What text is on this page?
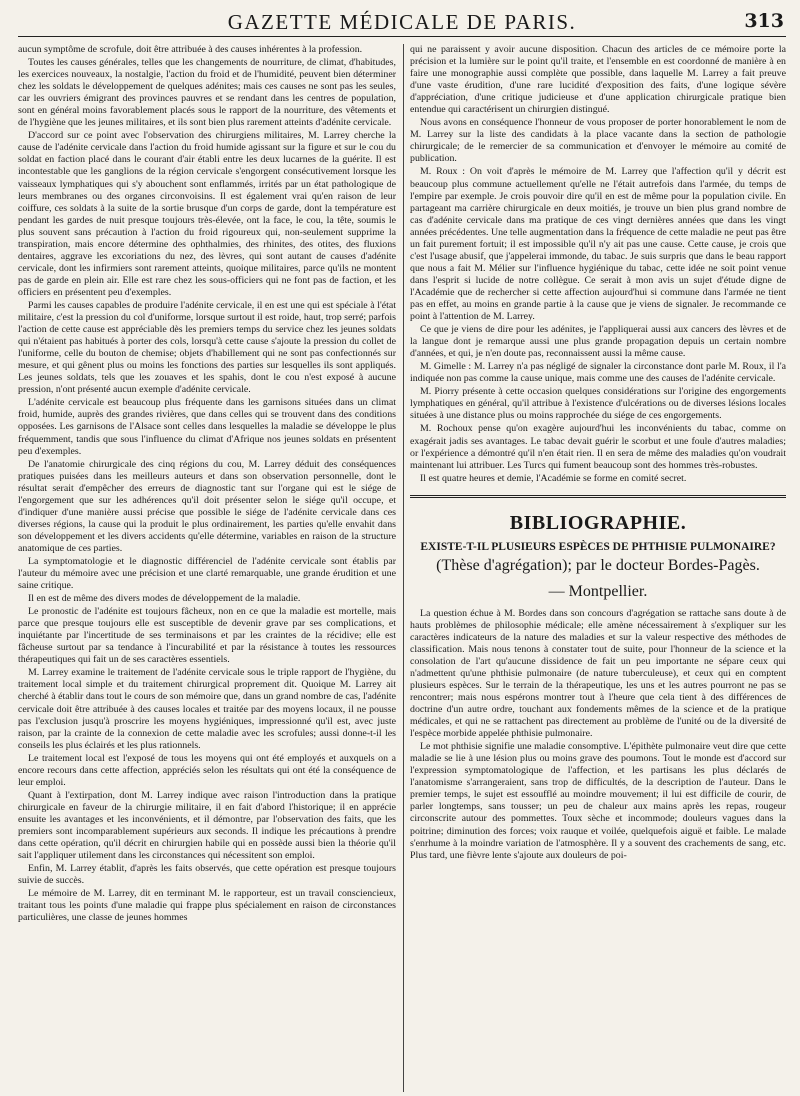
GAZETTE MÉDICALE DE PARIS.	313

aucun symptôme de scrofule, doit être attribuée à des causes inhérentes à la profession.

Toutes les causes générales, telles que les changements de nourriture, de climat, d'habitudes, les exercices nouveaux, la nostalgie, l'action du froid et de l'humidité, peuvent bien déterminer chez les soldats le développement de quelques adénites; mais ces causes ne sont pas les seules, car les ouvriers émigrant des provinces pauvres et se rendant dans les centres de population, sont en général moins favorablement placés sous le rapport de la nourriture, des vêtements et de l'hygiène que les jeunes militaires, et ils sont bien plus rarement atteints d'adénite cervicale.

D'accord sur ce point avec l'observation des chirurgiens militaires, M. Larrey cherche la cause de l'adénite cervicale dans l'action du froid humide agissant sur la figure et sur le cou du soldat en faction placé dans le courant d'air établi entre les deux lucarnes de la guérite. Il est incontestable que les ganglions de la région cervicale s'engorgent consécutivement lorsque les vaisseaux lymphatiques qui s'y abouchent sont enflammés, irrités par un état pathologique de leurs membranes ou des organes circonvoisins. Il est également vrai qu'en raison de leur coiffure, ces soldats à la suite de la sortie brusque d'un corps de garde, dont la température est pendant les gardes de nuit presque toujours très-élevée, ont la face, le cou, la tête, soumis le plus souvent sans précaution à l'action du froid rigoureux qui, non-seulement supprime la transpiration, mais encore détermine des ophthalmies, des rhinites, des otites, des fluxions dentaires, aggrave les excoriations du nez, des lèvres, qui sont autant de causes d'adénite cervicale, dont les infirmiers sont rarement atteints, quoique militaires, parce qu'ils ne montent pas de garde en plein air. Elle est rare chez les sous-officiers qui ne font pas de faction, et les officiers en présentent peu d'exemples.

Parmi les causes capables de produire l'adénite cervicale, il en est une qui est spéciale à l'état militaire, c'est la pression du col d'uniforme, lorsque surtout il est roide, haut, trop serré; parfois l'action de cette cause est appréciable dès les premiers temps du service chez les jeunes soldats qui n'étaient pas habitués à porter des cols, lorsqu'à cette cause s'ajoute la pression du collet de l'uniforme, celle du bouton de chemise; objets d'habillement qui ne sont pas confectionnés sur mesure, et qui gênent plus ou moins les fonctions des parties sur lesquelles ils sont appliqués. Les jeunes soldats, tels que les zouaves et les spahis, dont le cou n'est exposé à aucune pression, n'ont présenté aucun exemple d'adénite cervicale.

L'adénite cervicale est beaucoup plus fréquente dans les garnisons situées dans un climat froid, humide, auprès des grandes rivières, que dans celles qui se trouvent dans des conditions opposées. Les garnisons de l'Alsace sont celles dans lesquelles la maladie se développe le plus fréquemment, tandis que sous l'influence du climat d'Afrique nos jeunes soldats en présentent peu d'exemples.

De l'anatomie chirurgicale des cinq régions du cou, M. Larrey déduit des conséquences pratiques puisées dans les meilleurs auteurs et dans son observation personnelle, dont le résultat serait d'empêcher des erreurs de diagnostic tant sur l'organe qui est le siége de l'engorgement que sur les adhérences qu'il doit présenter selon le siége qu'il occupe, et d'indiquer d'une manière aussi précise que possible le siége de l'adénite cervicale dans ces diverses régions, la cause qui la produit le plus ordinairement, les parties qu'elle envahit dans son développement et les divers accidents qu'elle détermine, variables en raison de la structure anatomique de ces parties.

La symptomatologie et le diagnostic différenciel de l'adénite cervicale sont établis par l'auteur du mémoire avec une précision et une clarté remarquable, une grande érudition et une saine critique.

Il en est de même des divers modes de développement de la maladie.

Le pronostic de l'adénite est toujours fâcheux, non en ce que la maladie est mortelle, mais parce que presque toujours elle est susceptible de devenir grave par ses complications, et inquiétante par l'incertitude de ses terminaisons et par les craintes de la récidive; elle est fâcheuse surtout par sa tendance à l'incurabilité et par la résistance à toutes les ressources thérapeutiques qui fait un de ses caractères essentiels.

M. Larrey examine le traitement de l'adénite cervicale sous le triple rapport de l'hygiène, du traitement local simple et du traitement chirurgical proprement dit. Quoique M. Larrey ait cherché à établir dans tout le cours de son mémoire que, dans un grand nombre de cas, l'adénite cervicale doit être attribuée à des causes locales et traitée par des moyens locaux, il ne pousse pas l'exclusion jusqu'à proscrire les moyens hygiéniques, impressionné qu'il est, avec juste raison, par la crainte de la connexion de cette maladie avec les scrofules; aussi donne-t-il les conseils les plus éclairés et les plus rationnels.

Le traitement local est l'exposé de tous les moyens qui ont été employés et auxquels on a encore recours dans cette affection, appréciés selon les résultats qui ont été la conséquence de leur emploi.

Quant à l'extirpation, dont M. Larrey indique avec raison l'introduction dans la pratique chirurgicale en faveur de la chirurgie militaire, il en fait d'abord l'historique; il en apprécie ensuite les avantages et les inconvénients, et il démontre, par l'observation des faits, que les premiers sont incomparablement supérieurs aux seconds. Il indique les précautions à prendre dans cette opération, qu'il décrit en chirurgien habile qui en possède aussi bien la théorie qu'il sait l'appliquer utilement dans les circonstances qui nécessitent son emploi.

Enfin, M. Larrey établit, d'après les faits observés, que cette opération est presque toujours suivie de succès.

Le mémoire de M. Larrey, dit en terminant M. le rapporteur, est un travail consciencieux, traitant tous les points d'une maladie qui frappe plus spécialement en raison de circonstances particulières, une classe de jeunes hommes

qui ne paraissent y avoir aucune disposition. Chacun des articles de ce mémoire porte la précision et la lumière sur le point qu'il traite, et l'ensemble en est coordonné de manière à en faire une monographie aussi complète que possible, dans laquelle M. Larrey a fait preuve d'une vaste érudition, d'une rare lucidité d'exposition des faits, d'une logique sévère d'appréciation, d'une critique judicieuse et d'une application chirurgicale pratique bien entendue qui caractérisent un chirurgien distingué.

Nous avons en conséquence l'honneur de vous proposer de porter honorablement le nom de M. Larrey sur la liste des candidats à la place vacante dans la section de pathologie chirurgicale; de le remercier de sa communication et d'envoyer le mémoire au comité de publication.

M. Roux : On voit d'après le mémoire de M. Larrey que l'affection qu'il y décrit est beaucoup plus commune actuellement qu'elle ne l'était autrefois dans l'armée, du temps de l'empire par exemple. Je crois pouvoir dire qu'il en est de même pour la population civile. En partageant ma carrière chirurgicale en deux moitiés, je trouve un bien plus grand nombre de cas d'adénite cervicale dans ma pratique de ces vingt dernières années que dans les vingt années précédentes. Une telle augmentation dans la fréquence de cette maladie ne peut pas être un fait purement fortuit; il est impossible qu'il n'y ait pas une cause. Cette cause, je crois que c'est l'usage abusif, que j'appelerai immonde, du tabac. Je suis surpris que dans le beau rapport que nous a fait M. Mélier sur l'influence hygiénique du tabac, cette idée ne soit point venue dans l'esprit si lucide de notre collègue. Ce serait à mon avis un sujet d'étude digne de l'Académie que de rechercher si cette affection aujourd'hui si commune dans l'armée ne tient pas en effet, au moins en grande partie à la cause que je viens de signaler. Je recommande ce point à l'attention de M. Larrey.

Ce que je viens de dire pour les adénites, je l'appliquerai aussi aux cancers des lèvres et de la langue dont je remarque aussi une plus grande propagation depuis un certain nombre d'années, et qui, je n'en doute pas, reconnaissent aussi la même cause.

M. Gimelle : M. Larrey n'a pas négligé de signaler la circonstance dont parle M. Roux, il l'a indiquée non pas comme la cause unique, mais comme une des causes de l'adénite cervicale.

M. Piorry présente à cette occasion quelques considérations sur l'origine des engorgements lymphatiques en général, qu'il attribue à l'existence d'ulcérations ou de diverses lésions locales situées à une distance plus ou moins rapprochée du siége de ces engorgements.

M. Rochoux pense qu'on exagère aujourd'hui les inconvénients du tabac, comme on exagérait jadis ses avantages. Le tabac devait guérir le scorbut et une foule d'autres maladies; or l'expérience a démontré qu'il n'en était rien. Il en sera de même des maladies qu'on voudrait maintenant lui attribuer. Les Turcs qui fument beaucoup sont des hommes très-robustes.

Il est quatre heures et demie, l'Académie se forme en comité secret.

BIBLIOGRAPHIE.
EXISTE-T-IL PLUSIEURS ESPÈCES DE PHTHISIE PULMONAIRE?
(Thèse d'agrégation); par le docteur Bordes-Pagès.
— Montpellier.

La question échue à M. Bordes dans son concours d'agrégation se rattache sans doute à de hauts problèmes de philosophie médicale; elle amène nécessairement à s'expliquer sur les caractères indicateurs de la nature des maladies et sur la valeur respective des méthodes de classification. Mais nous tenons à constater tout de suite, pour l'honneur de la science et la consolation de l'art qu'aucune dissidence de fait un peu importante ne sépare ceux qui n'admettent qu'une phthisie pulmonaire (de nature tuberculeuse), et ceux qui en comptent plusieurs espèces. Sur le terrain de la thérapeutique, les uns et les autres pourront ne pas se rencontrer; mais nous espérons montrer tout à l'heure que cela tient à des différences de doctrine d'un autre ordre, touchant aux fondements mêmes de la science et de la pratique médicales, et qui ne se rattachent pas directement au problème de l'unité ou de la diversité de l'espèce morbide appelée phthisie pulmonaire.

Le mot phthisie signifie une maladie consomptive. L'épithète pulmonaire veut dire que cette maladie se lie à une lésion plus ou moins grave des poumons. Tout le monde est d'accord sur l'expression symptomatologique de l'affection, et les partisans les plus déclarés de l'anatomisme s'arrangeraient, sans trop de difficultés, de la description de l'auteur. Dans le premier temps, le sujet est essoufflé au moindre mouvement; il lui est difficile de courir, de parler longtemps, sans tousser; un peu de chaleur aux mains après les repas, rougeur circonscrite autour des pommettes. Toux sèche et incommode; douleurs vagues dans la poitrine; diminution des forces; voix rauque et voilée, quelquefois aiguë et faible. Le malade s'enrhume à la moindre variation de l'atmosphère. Il y a souvent des crachements de sang, etc. Plus tard, une fièvre lente s'ajoute aux douleurs de poi-
